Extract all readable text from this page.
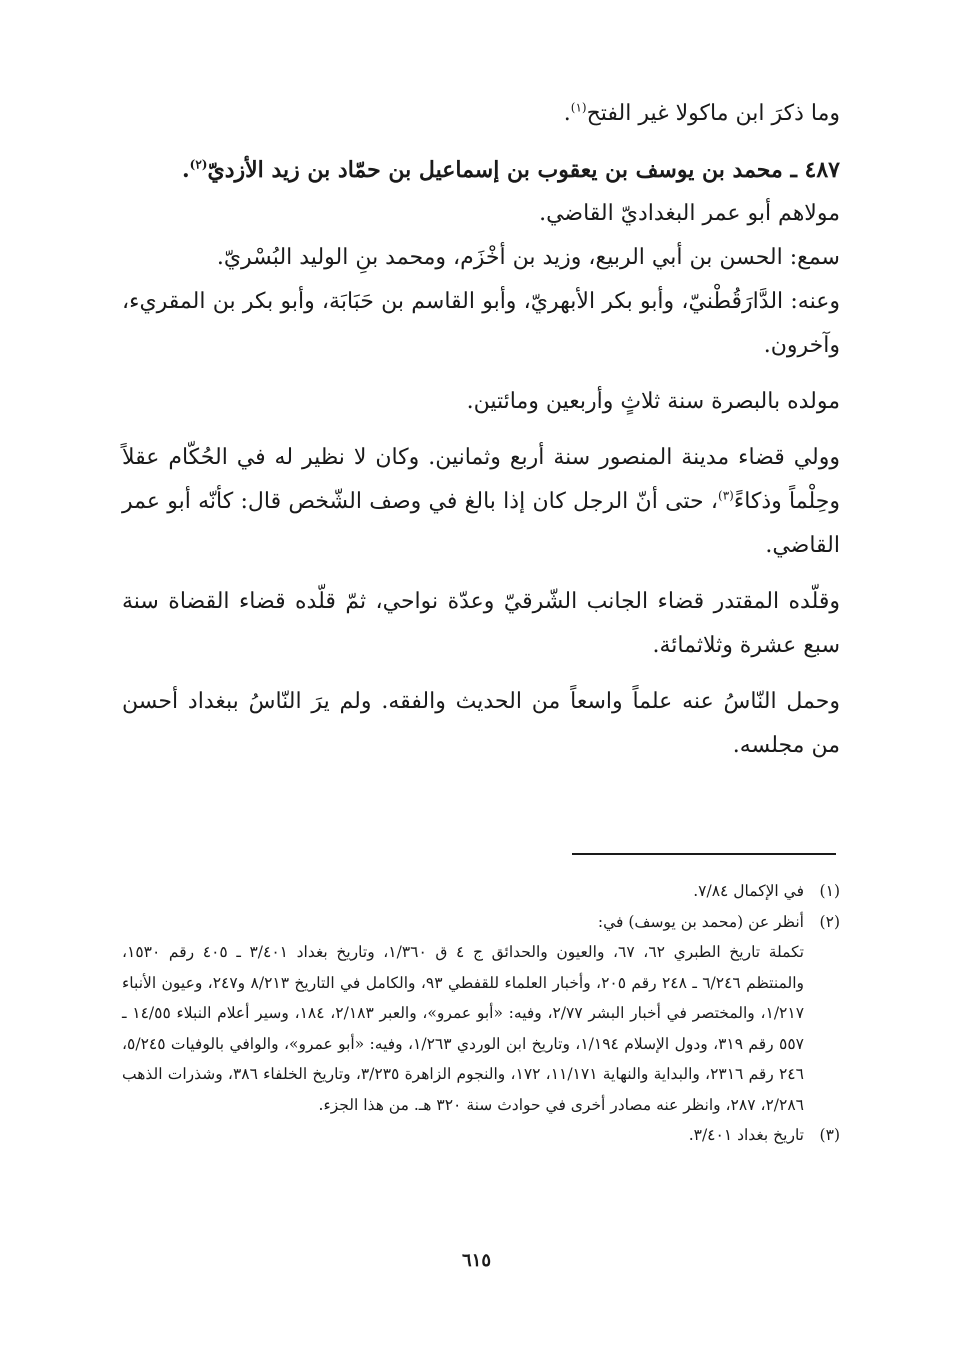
وما ذكرَ ابن ماكولا غير الفتح$^{(١)}$.

٤٨٧ ـ محمد بن يوسف بن يعقوب بن إسماعيل بن حمّاد بن زيد الأزديّ$^{(٢)}$.

مولاهم أبو عمر البغداديّ القاضي.

سمع: الحسن بن أبي الربيع، وزيد بن أخْزَم، ومحمد بنِ الوليد البُسْريّ.

وعنه: الدَّارَقُطْنيّ، وأبو بكر الأبهريّ، وأبو القاسم بن حَبَابَة، وأبو بكر بن المقريء، وآخرون.

مولده بالبصرة سنة ثلاثٍ وأربعين ومائتين.

وولي قضاء مدينة المنصور سنة أربع وثمانين. وكان لا نظير له في الحُكّام عقلاً وحِلْماً وذكاءً$^{(٣)}$، حتى أنّ الرجل كان إذا بالغ في وصف الشّخص قال: كأنّه أبو عمر القاضي.

وقلّده المقتدر قضاء الجانب الشّرقيّ وعدّة نواحي، ثمّ قلّده قضاء القضاة سنة سبع عشرة وثلاثمائة.

وحمل النّاسُ عنه علماً واسعاً من الحديث والفقه. ولم يرَ النّاسُ ببغداد أحسن من مجلسه.

(١)
في الإكمال ٧/٨٤.
(٢)
أنظر عن (محمد بن يوسف) في:
تكملة تاريخ الطبري ٦٢، ٦٧، والعيون والحدائق ج ٤ ق ١/٣٦٠، وتاريخ بغداد ٣/٤٠١ ـ ٤٠٥ رقم ١٥٣٠، والمنتظم ٦/٢٤٦ ـ ٢٤٨ رقم ٢٠٥، وأخبار العلماء للقفطي ٩٣، والكامل في التاريخ ٨/٢١٣ و٢٤٧، وعيون الأنباء ١/٢١٧، والمختصر في أخبار البشر ٢/٧٧، وفيه: «أبو عمرو»، والعبر ٢/١٨٣، ١٨٤، وسير أعلام النبلاء ١٤/٥٥ ـ ٥٥٧ رقم ٣١٩، ودول الإسلام ١/١٩٤، وتاريخ ابن الوردي ١/٢٦٣، وفيه: «أبو عمرو»، والوافي بالوفيات ٥/٢٤٥، ٢٤٦ رقم ٢٣١٦، والبداية والنهاية ١١/١٧١، ١٧٢، والنجوم الزاهرة ٣/٢٣٥، وتاريخ الخلفاء ٣٨٦، وشذرات الذهب ٢/٢٨٦، ٢٨٧، وانظر عنه مصادر أخرى في حوادث سنة ٣٢٠ هـ. من هذا الجزء.
(٣)
تاريخ بغداد ٣/٤٠١.
٦١٥
